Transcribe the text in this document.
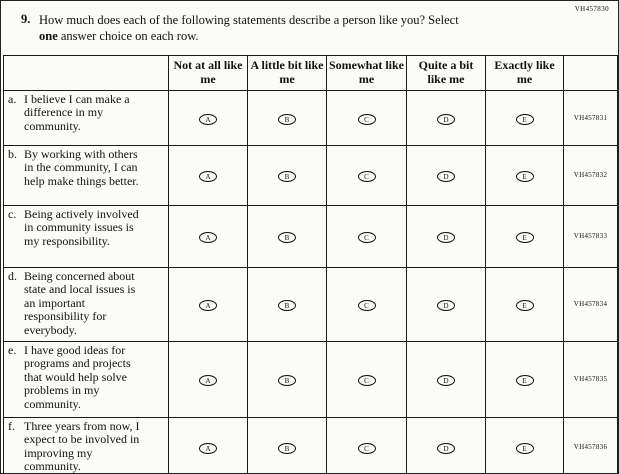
VH457830
9. How much does each of the following statements describe a person like you? Select
one answer choice on each row.

	Not at all like me	A little bit like me	Somewhat like me	Quite a bit like me	Exactly like me	

a. I believe I can make a difference in my community.	A	B	C	D	E	VH457831

b. By working with others in the community, I can help make things better.	A	B	C	D	E	VH457832

c. Being actively involved in community issues is my responsibility.	A	B	C	D	E	VH457833

d. Being concerned about state and local issues is an important responsibility for everybody.	A	B	C	D	E	VH457834

e. I have good ideas for programs and projects that would help solve problems in my community.	A	B	C	D	E	VH457835

f. Three years from now, I expect to be involved in improving my community.	A	B	C	D	E	VH457836
